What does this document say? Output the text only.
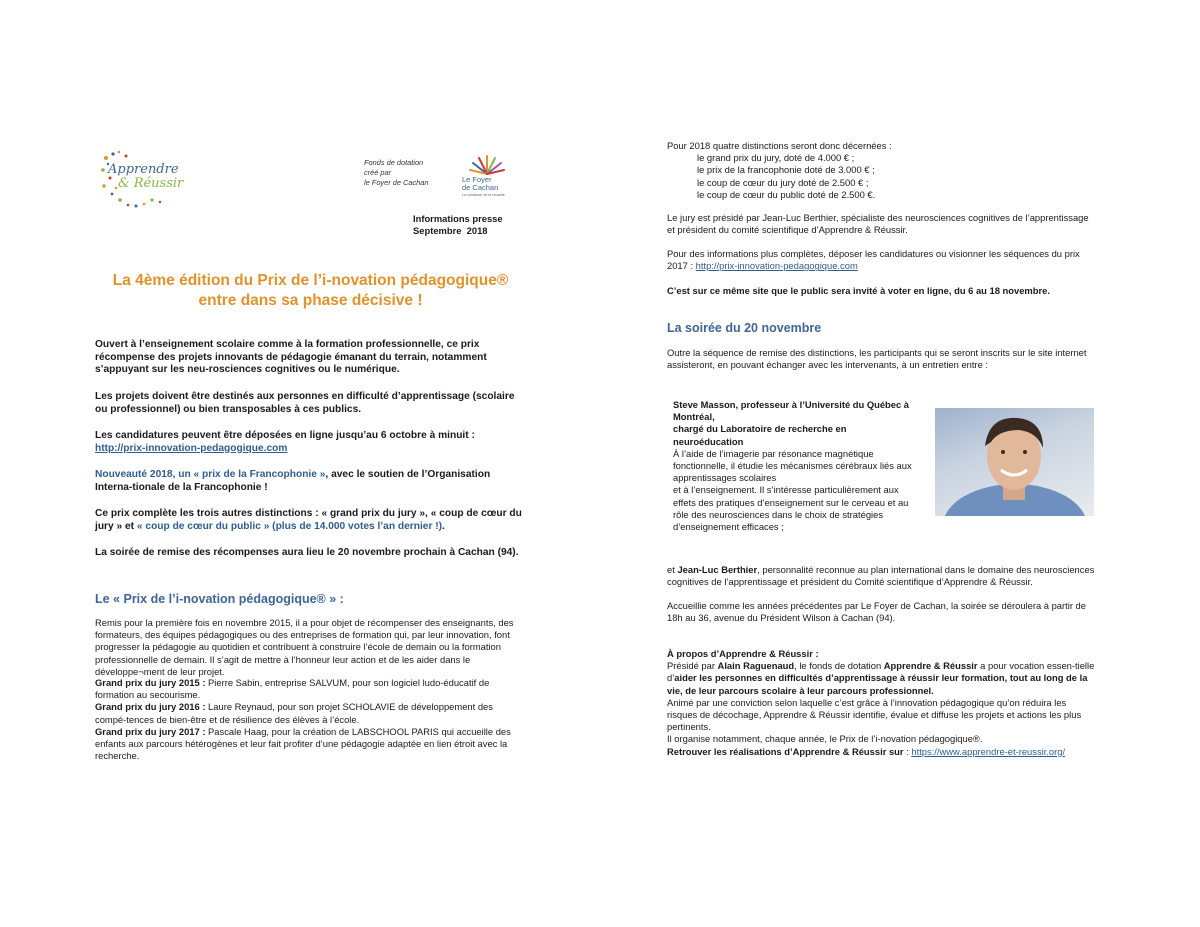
Apprendre
& Réussir
Fonds de dotation
créé par
le Foyer de Cachan	Le Foyer
de Cachan
La confiance de la réussite
Informations presse
Septembre  2018
La 4ème édition du Prix de l’i-novation pédagogique®
entre dans sa phase décisive !

Ouvert à l’enseignement scolaire comme à la formation professionnelle, ce prix récompense des projets innovants de pédagogie émanant du terrain, notamment s’appuyant sur les neu-rosciences cognitives ou le numérique.

Les projets doivent être destinés aux personnes en difficulté d’apprentissage (scolaire ou professionnel) ou bien transposables à ces publics.

Les candidatures peuvent être déposées en ligne jusqu’au 6 octobre à minuit :

http://prix-innovation-pedagogique.com

Nouveauté 2018, un « prix de la Francophonie », avec le soutien de l’Organisation Interna-tionale de la Francophonie !

Ce prix complète les trois autres distinctions : « grand prix du jury », « coup de cœur du jury » et « coup de cœur du public » (plus de 14.000 votes l’an dernier !).

La soirée de remise des récompenses aura lieu le 20 novembre prochain à Cachan (94).

Le « Prix de l’i-novation pédagogique® » :

Remis pour la première fois en novembre 2015, il a pour objet de récompenser des enseignants, des formateurs, des équipes pédagogiques ou des entreprises de formation qui, par leur innovation, font progresser la pédagogie au quotidien et contribuent à construire l’école de demain ou la formation professionnelle de demain. Il s’agit de mettre à l’honneur leur action et de les aider dans le développe¬ment de leur projet.

Grand prix du jury 2015 : Pierre Sabin, entreprise SALVUM, pour son logiciel ludo-éducatif de formation au secourisme.

Grand prix du jury 2016 : Laure Reynaud, pour son projet SCHOLAVIE de développement des compé-tences de bien-être et de résilience des élèves à l’école.

Grand prix du jury 2017 : Pascale Haag, pour la création de LABSCHOOL PARIS qui accueille des enfants aux parcours hétérogènes et leur fait profiter d’une pédagogie adaptée en lien étroit avec la recherche.

Pour 2018 quatre distinctions seront donc décernées :

le grand prix du jury, doté de 4.000 € ;

le prix de la francophonie doté de 3.000 € ;

le coup de cœur du jury doté de 2.500 € ;

le coup de cœur du public doté de 2.500 €.

Le jury est présidé par Jean-Luc Berthier, spécialiste des neurosciences cognitives de l’apprentissage et président du comité scientifique d’Apprendre & Réussir.

Pour des informations plus complètes, déposer les candidatures ou visionner les séquences du prix 2017 : http://prix-innovation-pedagogique.com

C’est sur ce même site que le public sera invité à voter en ligne, du 6 au 18 novembre.

La soirée du 20 novembre

Outre la séquence de remise des distinctions, les participants qui se seront inscrits sur le site internet assisteront, en pouvant échanger avec les intervenants, à un entretien entre :

Steve Masson, professeur à l’Université du Québec à Montréal,

chargé du Laboratoire de recherche en neuroéducation

À l’aide de l’imagerie par résonance magnétique fonctionnelle, il étudie les mécanismes cérébraux liés aux apprentissages scolaires

et à l’enseignement. Il s’intéresse particulièrement aux effets des pratiques d’enseignement sur le cerveau et au rôle des neurosciences dans le choix de stratégies d’enseignement efficaces ;

et Jean-Luc Berthier, personnalité reconnue au plan international dans le domaine des neurosciences cognitives de l’apprentissage et président du Comité scientifique d’Apprendre & Réussir.

Accueillie comme les années précédentes par Le Foyer de Cachan, la soirée se déroulera à partir de 18h au 36, avenue du Président Wilson à Cachan (94).

À propos d’Apprendre & Réussir :

Présidé par Alain Raguenaud, le fonds de dotation Apprendre & Réussir a pour vocation essen-tielle d’aider les personnes en difficultés d’apprentissage à réussir leur formation, tout au long de la vie, de leur parcours scolaire à leur parcours professionnel.

Animé par une conviction selon laquelle c’est grâce à l’innovation pédagogique qu’on réduira les risques de décochage, Apprendre & Réussir identifie, évalue et diffuse les projets et actions les plus pertinents.

Il organise notamment, chaque année, le Prix de l’i-novation pédagogique®.

Retrouver les réalisations d’Apprendre & Réussir sur : https://www.apprendre-et-reussir.org/
